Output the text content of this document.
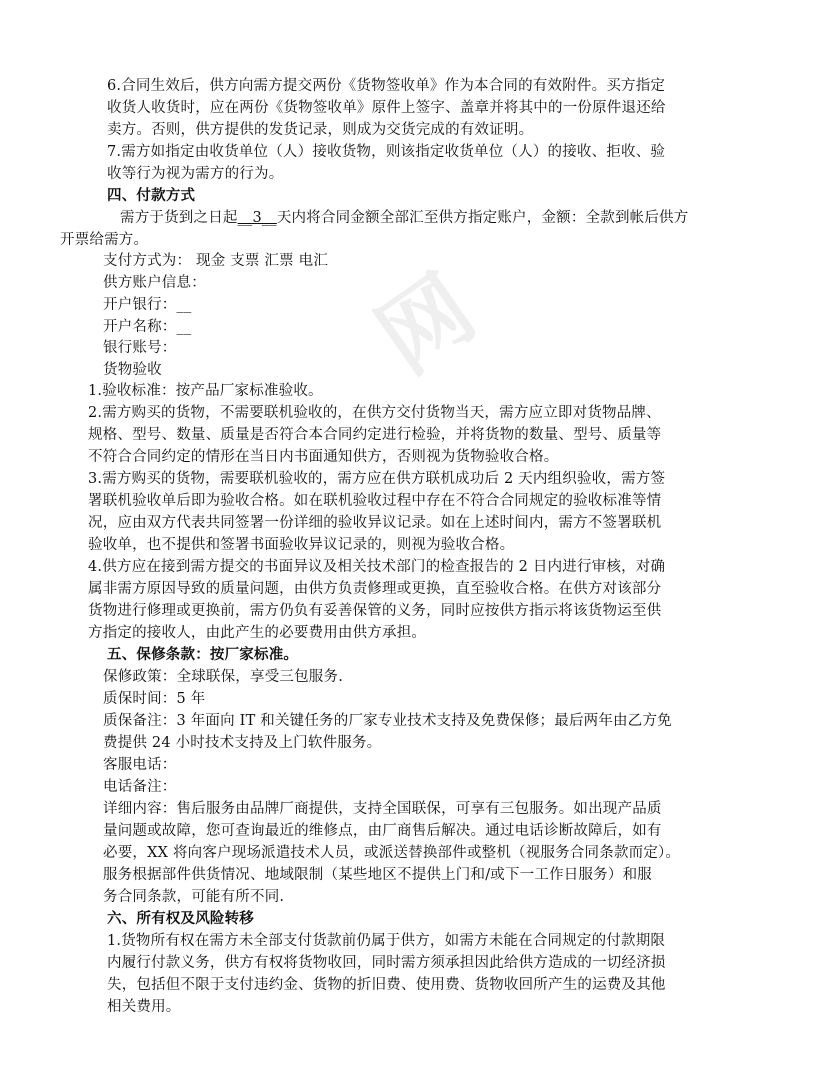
网
6.合同生效后，供方向需方提交两份《货物签收单》作为本合同的有效附件。买方指定
收货人收货时，应在两份《货物签收单》原件上签字、盖章并将其中的一份原件退还给
卖方。否则，供方提供的发货记录，则成为交货完成的有效证明。
7.需方如指定由收货单位（人）接收货物，则该指定收货单位（人）的接收、拒收、验
收等行为视为需方的行为。
四、付款方式
需方于货到之日起__3__天内将合同金额全部汇至供方指定账户，金额：全款到帐后供方
开票给需方。
支付方式为： 现金 支票 汇票 电汇
供方账户信息：
开户银行：__
开户名称：__
银行账号：
货物验收
1.验收标准：按产品厂家标准验收。
2.需方购买的货物，不需要联机验收的，在供方交付货物当天，需方应立即对货物品牌、
规格、型号、数量、质量是否符合本合同约定进行检验，并将货物的数量、型号、质量等
不符合合同约定的情形在当日内书面通知供方，否则视为货物验收合格。
3.需方购买的货物，需要联机验收的，需方应在供方联机成功后 2 天内组织验收，需方签
署联机验收单后即为验收合格。如在联机验收过程中存在不符合合同规定的验收标准等情
况，应由双方代表共同签署一份详细的验收异议记录。如在上述时间内，需方不签署联机
验收单，也不提供和签署书面验收异议记录的，则视为验收合格。
4.供方应在接到需方提交的书面异议及相关技术部门的检查报告的 2 日内进行审核，对确
属非需方原因导致的质量问题，由供方负责修理或更换，直至验收合格。在供方对该部分
货物进行修理或更换前，需方仍负有妥善保管的义务，同时应按供方指示将该货物运至供
方指定的接收人，由此产生的必要费用由供方承担。
五、保修条款：按厂家标准。
保修政策：全球联保，享受三包服务.
质保时间：5 年
质保备注：3 年面向 IT 和关键任务的厂家专业技术支持及免费保修；最后两年由乙方免
费提供 24 小时技术支持及上门软件服务。
客服电话：
电话备注：
详细内容：售后服务由品牌厂商提供，支持全国联保，可享有三包服务。如出现产品质
量问题或故障，您可查询最近的维修点，由厂商售后解决。通过电话诊断故障后，如有
必要，XX 将向客户现场派遣技术人员，或派送替换部件或整机（视服务合同条款而定）。
服务根据部件供货情况、地域限制（某些地区不提供上门和/或下一工作日服务）和服
务合同条款，可能有所不同.
六、所有权及风险转移
1.货物所有权在需方未全部支付货款前仍属于供方，如需方未能在合同规定的付款期限
内履行付款义务，供方有权将货物收回，同时需方须承担因此给供方造成的一切经济损
失，包括但不限于支付违约金、货物的折旧费、使用费、货物收回所产生的运费及其他
相关费用。
